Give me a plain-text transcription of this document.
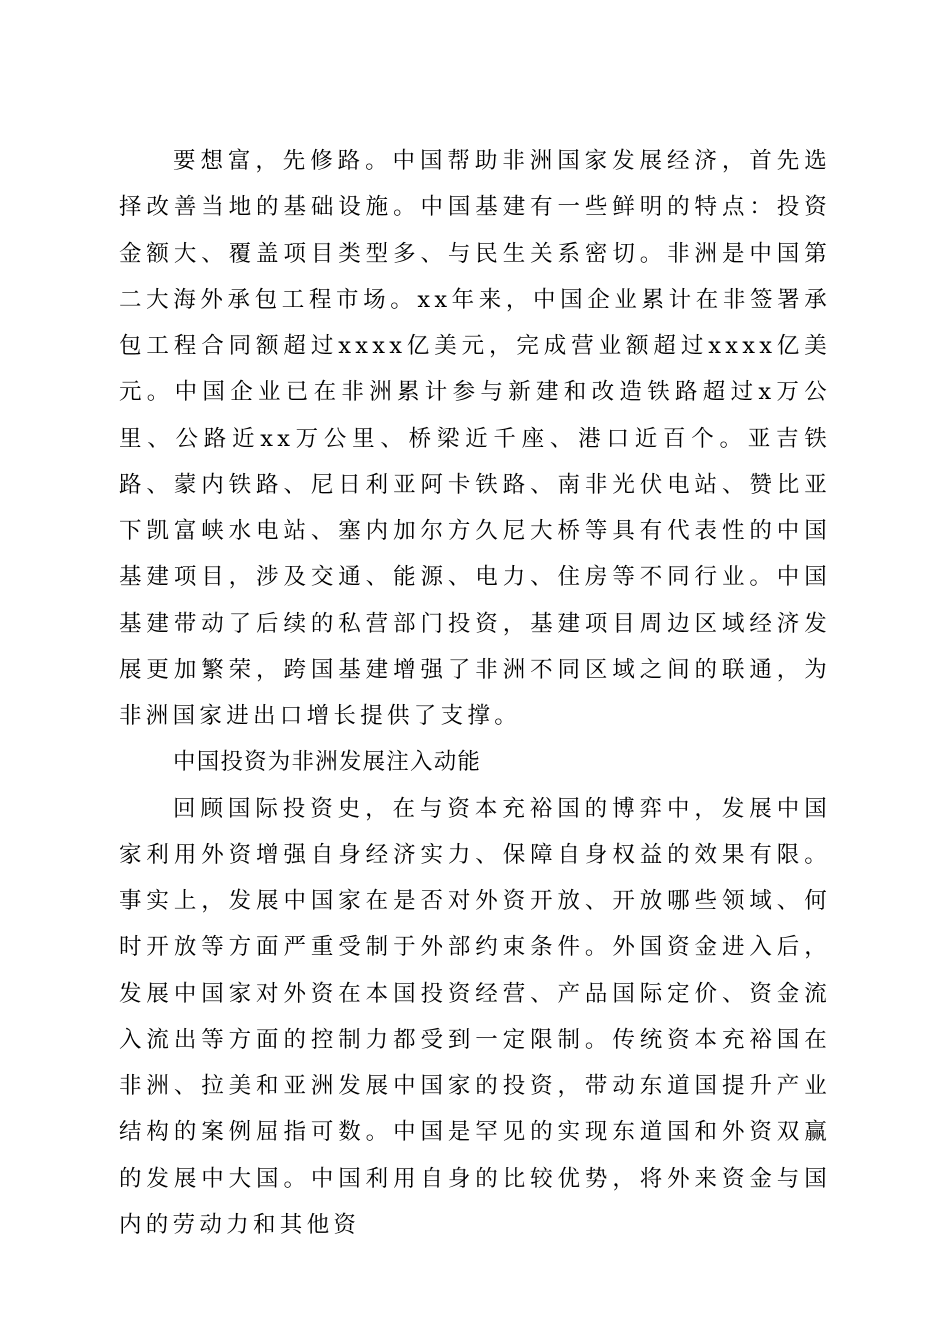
要想富，先修路。中国帮助非洲国家发展经济，首先选择改善当地的基础设施。中国基建有一些鲜明的特点：投资金额大、覆盖项目类型多、与民生关系密切。非洲是中国第二大海外承包工程市场。xx年来，中国企业累计在非签署承包工程合同额超过xxxx亿美元，完成营业额超过xxxx亿美元。中国企业已在非洲累计参与新建和改造铁路超过x万公里、公路近xx万公里、桥梁近千座、港口近百个。亚吉铁路、蒙内铁路、尼日利亚阿卡铁路、南非光伏电站、赞比亚下凯富峡水电站、塞内加尔方久尼大桥等具有代表性的中国基建项目，涉及交通、能源、电力、住房等不同行业。中国基建带动了后续的私营部门投资，基建项目周边区域经济发展更加繁荣，跨国基建增强了非洲不同区域之间的联通，为非洲国家进出口增长提供了支撑。

中国投资为非洲发展注入动能

回顾国际投资史，在与资本充裕国的博弈中，发展中国家利用外资增强自身经济实力、保障自身权益的效果有限。事实上，发展中国家在是否对外资开放、开放哪些领域、何时开放等方面严重受制于外部约束条件。外国资金进入后，发展中国家对外资在本国投资经营、产品国际定价、资金流入流出等方面的控制力都受到一定限制。传统资本充裕国在非洲、拉美和亚洲发展中国家的投资，带动东道国提升产业结构的案例屈指可数。中国是罕见的实现东道国和外资双赢的发展中大国。中国利用自身的比较优势，将外来资金与国内的劳动力和其他资
